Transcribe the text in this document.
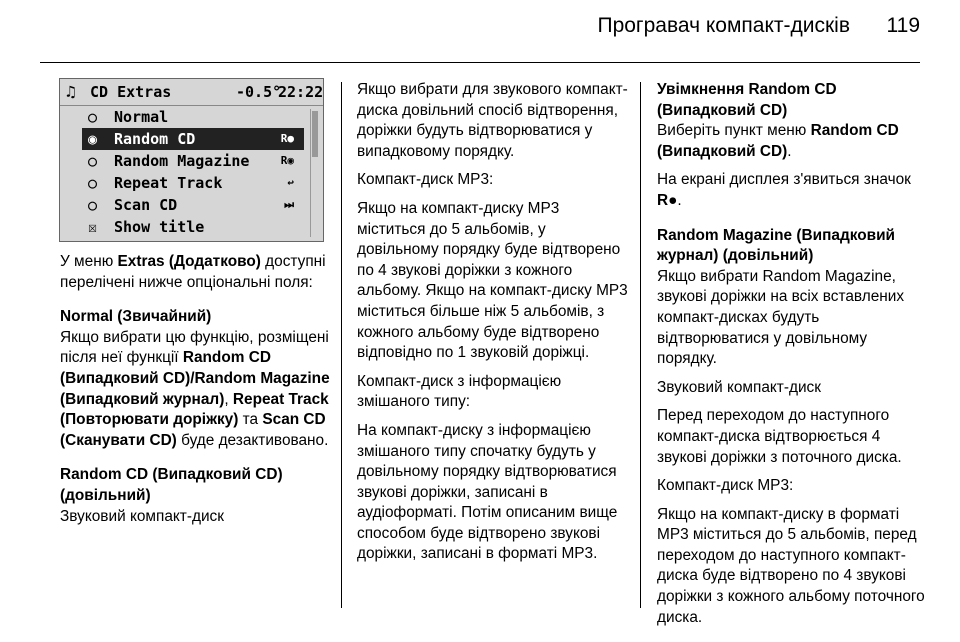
Програвач компакт-дисків 119
♫ CD Extras	-0.5°
22:22
○ Normal
◉ Random CD	R●
○ Random Magazine	R◉
○ Repeat Track	↩
○ Scan CD	⏭
☒ Show title

У меню Extras (Додатково) доступні перелічені нижче опціональні поля:

Normal (Звичайний)

Якщо вибрати цю функцію, розміщені після неї функції Random CD (Випадковий CD)/Random Magazine (Випадковий журнал), Repeat Track (Повторювати доріжку) та Scan CD (Сканувати CD) буде дезактивовано.

Random CD (Випадковий CD) (довільний)

Звуковий компакт-диск

Якщо вибрати для звукового компакт-диска довільний спосіб відтворення, доріжки будуть відтворюватися у випадковому порядку.

Компакт-диск MP3:

Якщо на компакт-диску MP3 міститься до 5 альбомів, у довільному порядку буде відтворено по 4 звукові доріжки з кожного альбому. Якщо на компакт-диску MP3 міститься більше ніж 5 альбомів, з кожного альбому буде відтворено відповідно по 1 звуковій доріжці.

Компакт-диск з інформацією змішаного типу:

На компакт-диску з інформацією змішаного типу спочатку будуть у довільному порядку відтворюватися звукові доріжки, записані в аудіоформаті. Потім описаним вище способом буде відтворено звукові доріжки, записані в форматі MP3.

Увімкнення Random CD (Випадковий CD)

Виберіть пункт меню Random CD (Випадковий CD).

На екрані дисплея з'явиться значок R●.

Random Magazine (Випадковий журнал) (довільний)

Якщо вибрати Random Magazine, звукові доріжки на всіх вставлених компакт-дисках будуть відтворюватися у довільному порядку.

Звуковий компакт-диск

Перед переходом до наступного компакт-диска відтворюється 4 звукові доріжки з поточного диска.

Компакт-диск MP3:

Якщо на компакт-диску в форматі MP3 міститься до 5 альбомів, перед переходом до наступного компакт-диска буде відтворено по 4 звукові доріжки з кожного альбому поточного диска.
